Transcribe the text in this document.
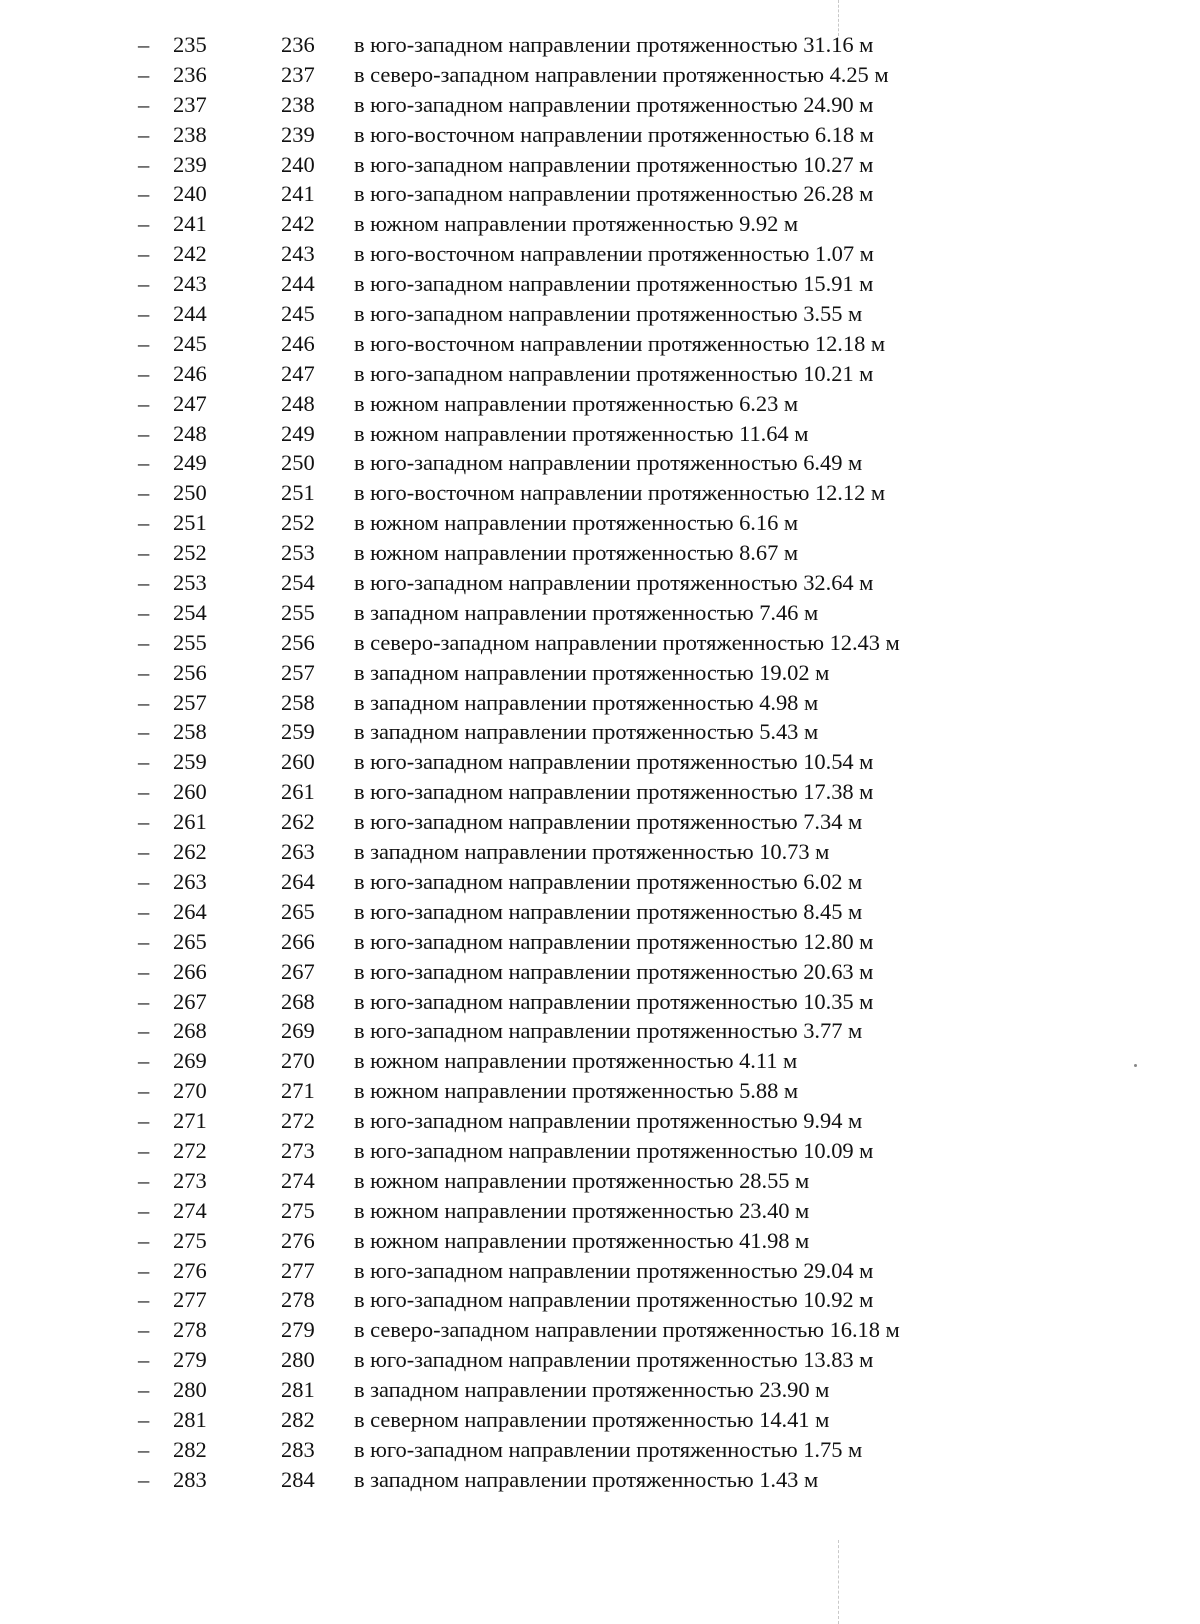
– 235	236 в юго-западном направлении протяженностью 31.16 м
– 236	237 в северо-западном направлении протяженностью 4.25 м
– 237	238 в юго-западном направлении протяженностью 24.90 м
– 238	239 в юго-восточном направлении протяженностью 6.18 м
– 239	240 в юго-западном направлении протяженностью 10.27 м
– 240	241 в юго-западном направлении протяженностью 26.28 м
– 241	242 в южном направлении протяженностью 9.92 м
– 242	243 в юго-восточном направлении протяженностью 1.07 м
– 243	244 в юго-западном направлении протяженностью 15.91 м
– 244	245 в юго-западном направлении протяженностью 3.55 м
– 245	246 в юго-восточном направлении протяженностью 12.18 м
– 246	247 в юго-западном направлении протяженностью 10.21 м
– 247	248 в южном направлении протяженностью 6.23 м
– 248	249 в южном направлении протяженностью 11.64 м
– 249	250 в юго-западном направлении протяженностью 6.49 м
– 250	251 в юго-восточном направлении протяженностью 12.12 м
– 251	252 в южном направлении протяженностью 6.16 м
– 252	253 в южном направлении протяженностью 8.67 м
– 253	254 в юго-западном направлении протяженностью 32.64 м
– 254	255 в западном направлении протяженностью 7.46 м
– 255	256 в северо-западном направлении протяженностью 12.43 м
– 256	257 в западном направлении протяженностью 19.02 м
– 257	258 в западном направлении протяженностью 4.98 м
– 258	259 в западном направлении протяженностью 5.43 м
– 259	260 в юго-западном направлении протяженностью 10.54 м
– 260	261 в юго-западном направлении протяженностью 17.38 м
– 261	262 в юго-западном направлении протяженностью 7.34 м
– 262	263 в западном направлении протяженностью 10.73 м
– 263	264 в юго-западном направлении протяженностью 6.02 м
– 264	265 в юго-западном направлении протяженностью 8.45 м
– 265	266 в юго-западном направлении протяженностью 12.80 м
– 266	267 в юго-западном направлении протяженностью 20.63 м
– 267	268 в юго-западном направлении протяженностью 10.35 м
– 268	269 в юго-западном направлении протяженностью 3.77 м
– 269	270 в южном направлении протяженностью 4.11 м
– 270	271 в южном направлении протяженностью 5.88 м
– 271	272 в юго-западном направлении протяженностью 9.94 м
– 272	273 в юго-западном направлении протяженностью 10.09 м
– 273	274 в южном направлении протяженностью 28.55 м
– 274	275 в южном направлении протяженностью 23.40 м
– 275	276 в южном направлении протяженностью 41.98 м
– 276	277 в юго-западном направлении протяженностью 29.04 м
– 277	278 в юго-западном направлении протяженностью 10.92 м
– 278	279 в северо-западном направлении протяженностью 16.18 м
– 279	280 в юго-западном направлении протяженностью 13.83 м
– 280	281 в западном направлении протяженностью 23.90 м
– 281	282 в северном направлении протяженностью 14.41 м
– 282	283 в юго-западном направлении протяженностью 1.75 м
– 283	284 в западном направлении протяженностью 1.43 м
